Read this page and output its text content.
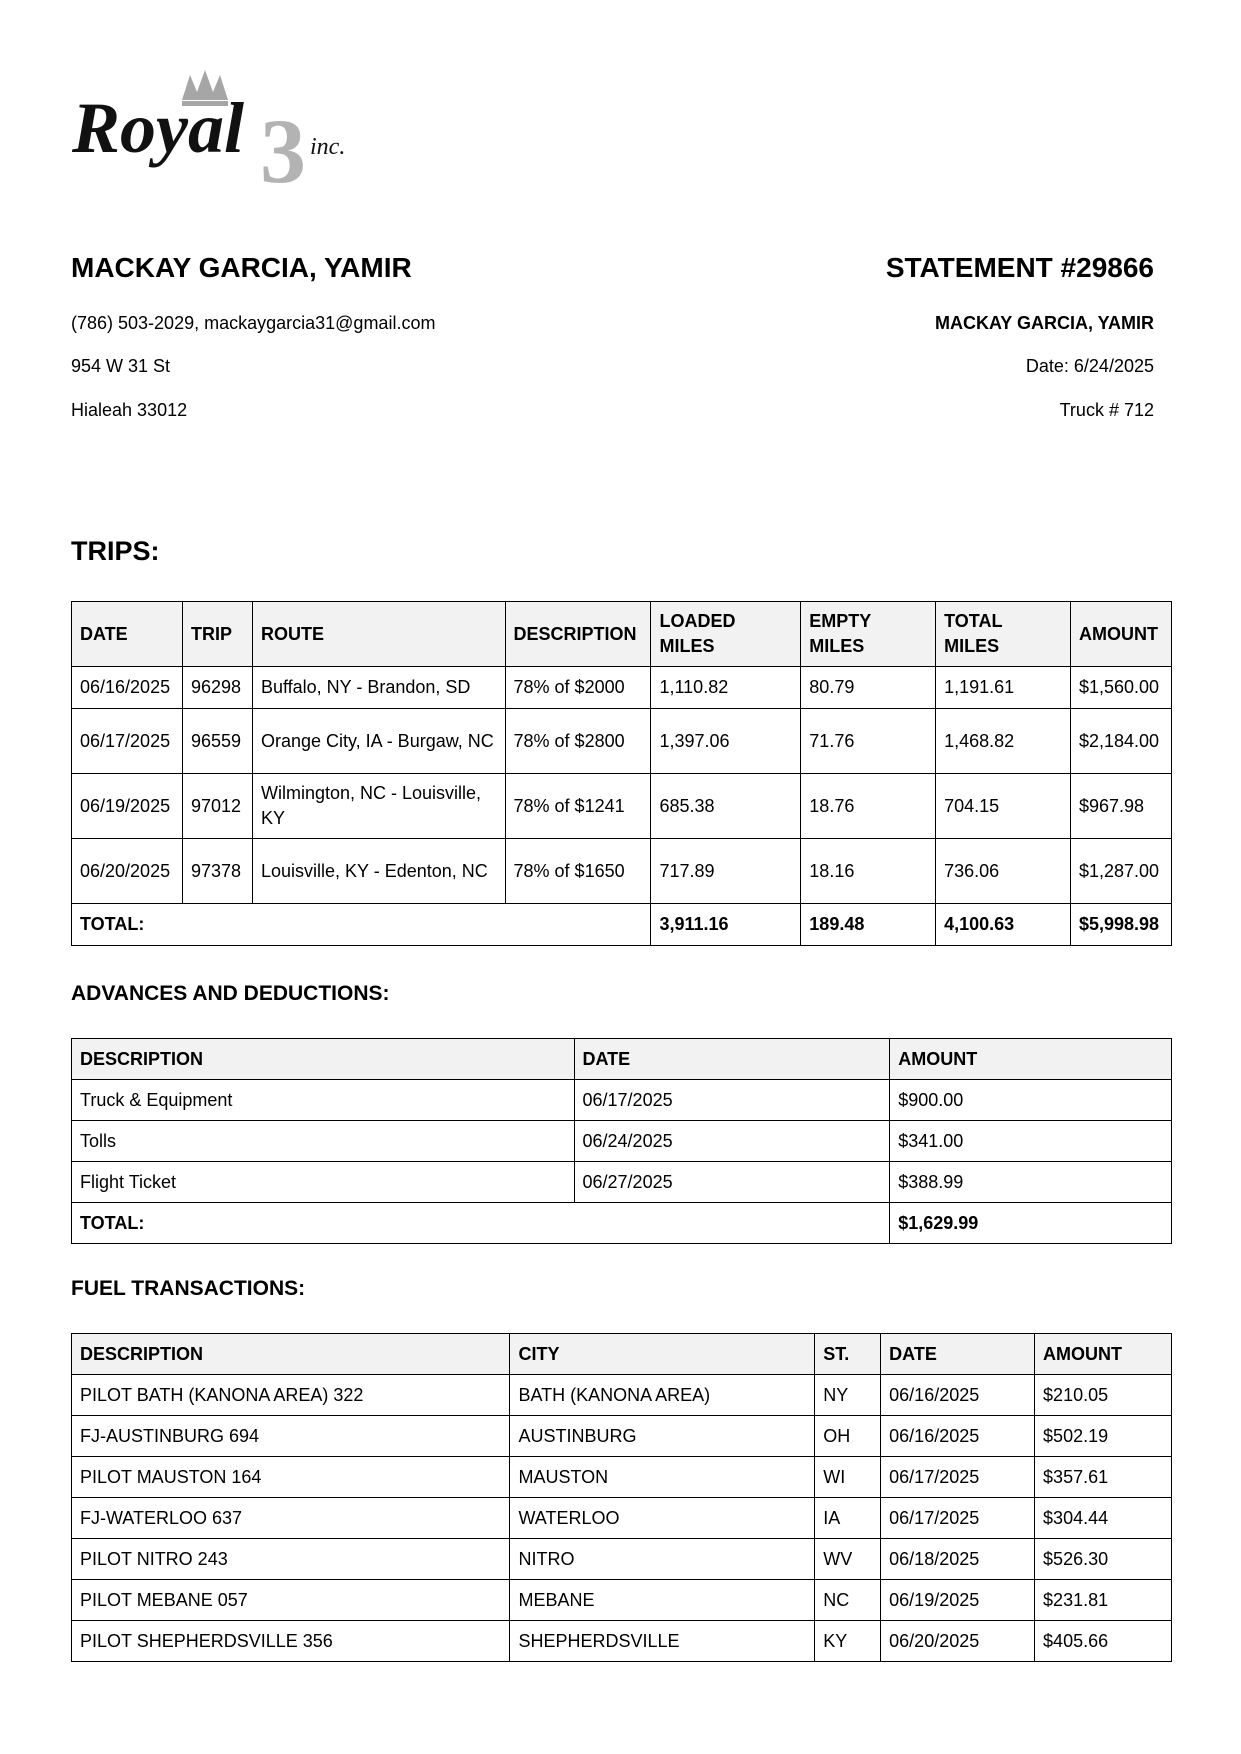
3
Royal	inc.
MACKAY GARCIA, YAMIR
(786) 503-2029, mackaygarcia31@gmail.com
954 W 31 St
Hialeah 33012
STATEMENT #29866
MACKAY GARCIA, YAMIR
Date: 6/24/2025
Truck # 712
TRIPS:
DATE	TRIP	ROUTE	DESCRIPTION	LOADED MILES	EMPTY MILES	TOTAL MILES	AMOUNT
06/16/2025	96298	Buffalo, NY - Brandon, SD	78% of $2000	1,110.82	80.79	1,191.61	$1,560.00
06/17/2025	96559	Orange City, IA - Burgaw, NC	78% of $2800	1,397.06	71.76	1,468.82	$2,184.00
06/19/2025	97012	Wilmington, NC - Louisville, KY	78% of $1241	685.38	18.76	704.15	$967.98
06/20/2025	97378	Louisville, KY - Edenton, NC	78% of $1650	717.89	18.16	736.06	$1,287.00
TOTAL:				3,911.16	189.48	4,100.63	$5,998.98
ADVANCES AND DEDUCTIONS:
DESCRIPTION	DATE	AMOUNT
Truck & Equipment	06/17/2025	$900.00
Tolls	06/24/2025	$341.00
Flight Ticket	06/27/2025	$388.99
TOTAL:		$1,629.99
FUEL TRANSACTIONS:
DESCRIPTION	CITY	ST.	DATE	AMOUNT
PILOT BATH (KANONA AREA) 322	BATH (KANONA AREA)	NY	06/16/2025	$210.05
FJ-AUSTINBURG 694	AUSTINBURG	OH	06/16/2025	$502.19
PILOT MAUSTON 164	MAUSTON	WI	06/17/2025	$357.61
FJ-WATERLOO 637	WATERLOO	IA	06/17/2025	$304.44
PILOT NITRO 243	NITRO	WV	06/18/2025	$526.30
PILOT MEBANE 057	MEBANE	NC	06/19/2025	$231.81
PILOT SHEPHERDSVILLE 356	SHEPHERDSVILLE	KY	06/20/2025	$405.66
